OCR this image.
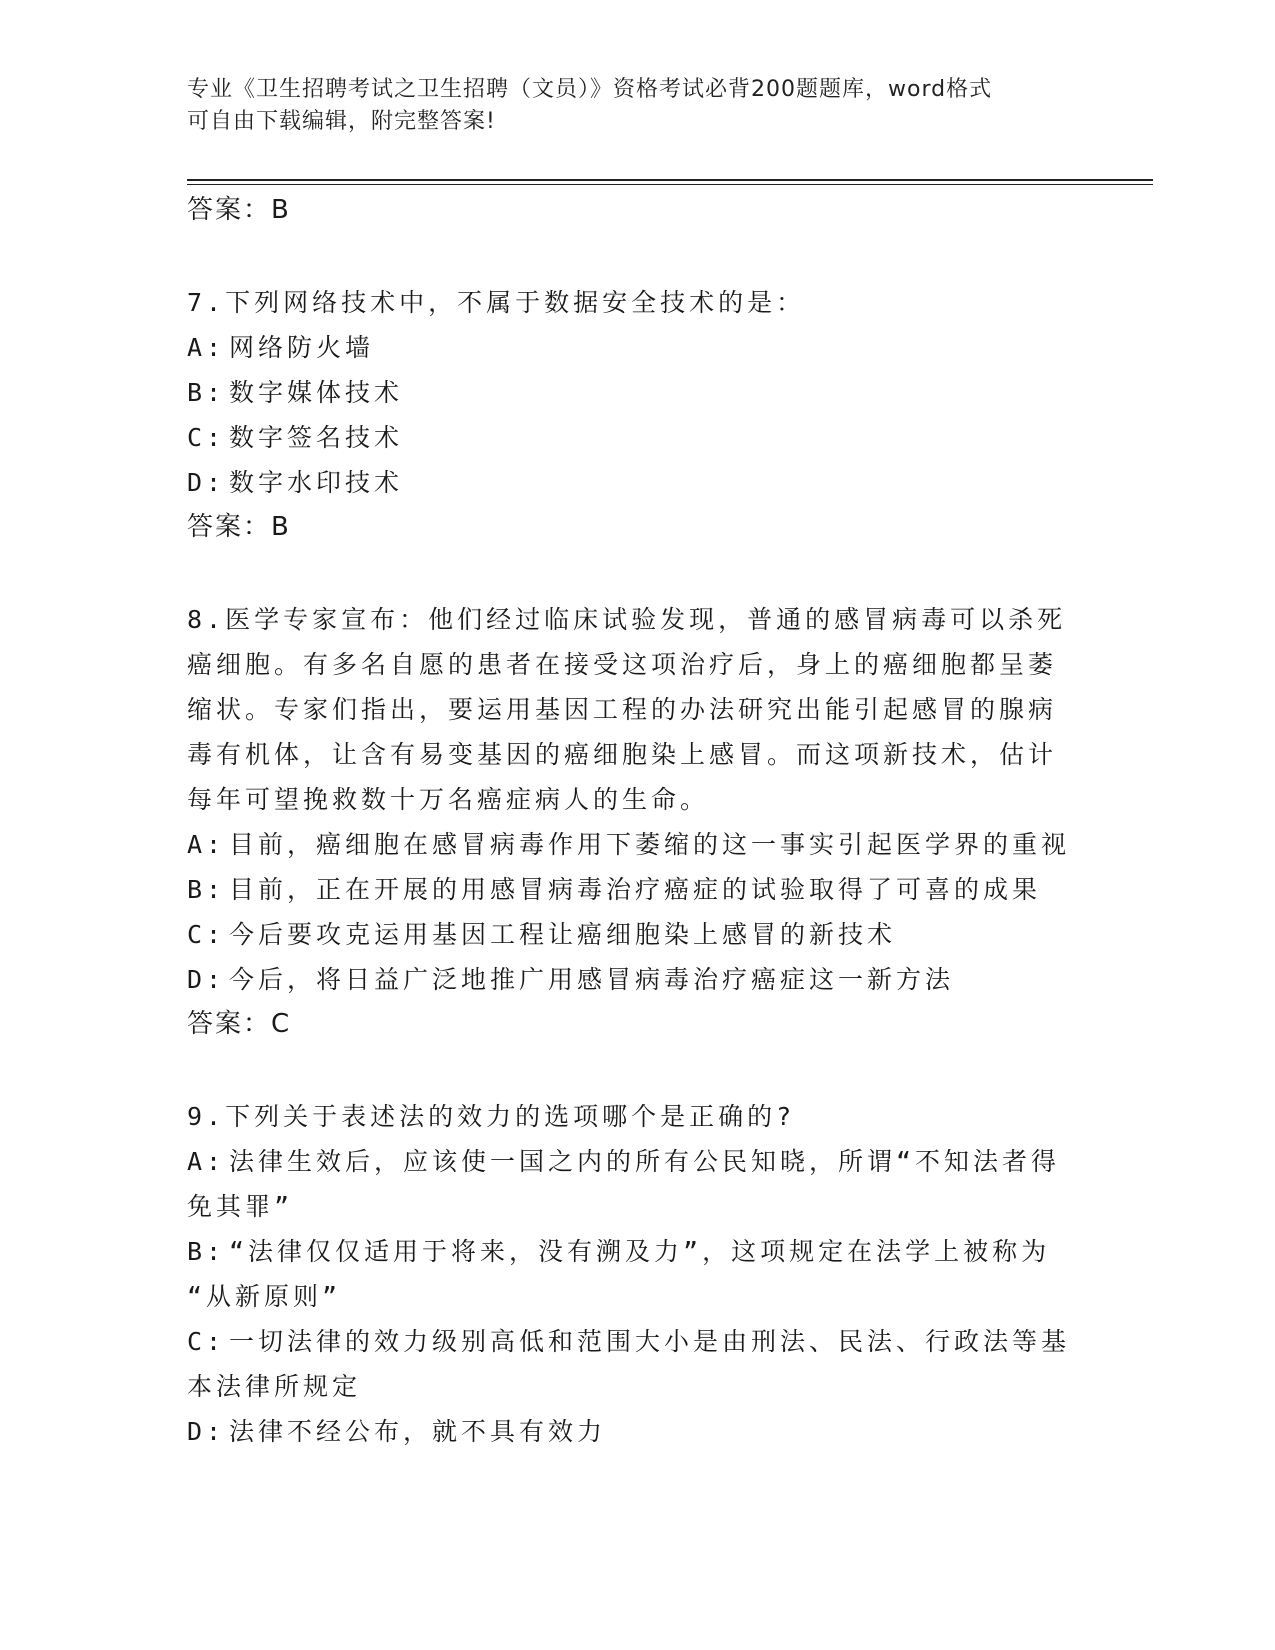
专业《卫生招聘考试之卫生招聘（文员）》资格考试必背200题题库，word格式
可自由下载编辑，附完整答案!
答案：B
7.下列网络技术中，不属于数据安全技术的是：
A: 网络防火墙
B: 数字媒体技术
C: 数字签名技术
D: 数字水印技术
答案：B
8.医学专家宣布：他们经过临床试验发现，普通的感冒病毒可以杀死
癌细胞。有多名自愿的患者在接受这项治疗后，身上的癌细胞都呈萎
缩状。专家们指出，要运用基因工程的办法研究出能引起感冒的腺病
毒有机体，让含有易变基因的癌细胞染上感冒。而这项新技术，估计
每年可望挽救数十万名癌症病人的生命。
A: 目前，癌细胞在感冒病毒作用下萎缩的这一事实引起医学界的重视
B: 目前，正在开展的用感冒病毒治疗癌症的试验取得了可喜的成果
C: 今后要攻克运用基因工程让癌细胞染上感冒的新技术
D: 今后，将日益广泛地推广用感冒病毒治疗癌症这一新方法
答案：C
9.下列关于表述法的效力的选项哪个是正确的?
A: 法律生效后，应该使一国之内的所有公民知晓，所谓“不知法者得
免其罪”
B: “法律仅仅适用于将来，没有溯及力”，这项规定在法学上被称为
“从新原则”
C: 一切法律的效力级别高低和范围大小是由刑法、民法、行政法等基
本法律所规定
D: 法律不经公布，就不具有效力
